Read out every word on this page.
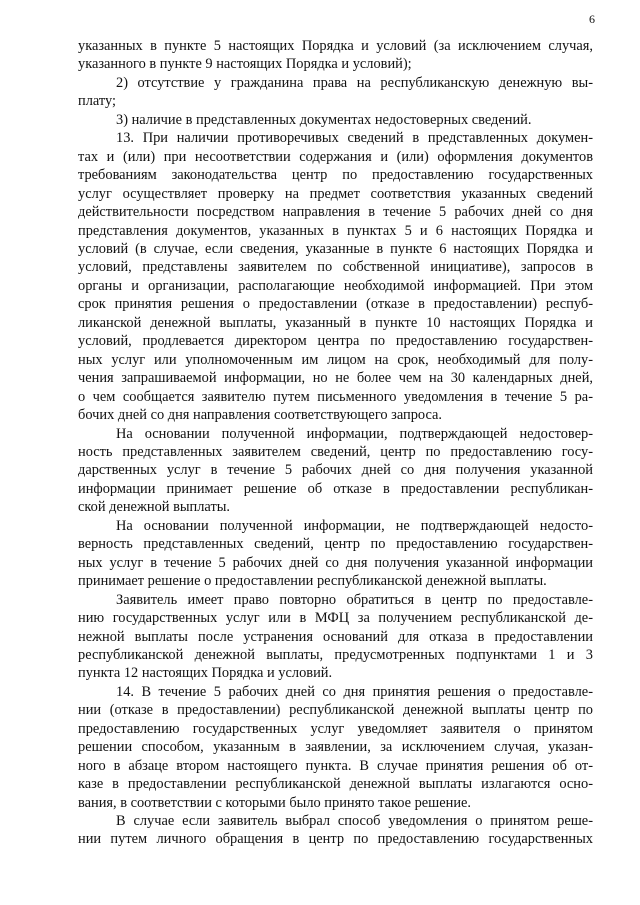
6
указанных в пункте 5 настоящих Порядка и условий (за исключением случая,
указанного в пункте 9 настоящих Порядка и условий);
2) отсутствие у гражданина права на республиканскую денежную вы-
плату;
3) наличие в представленных документах недостоверных сведений.
13. При наличии противоречивых сведений в представленных докумен-
тах и (или) при несоответствии содержания и (или) оформления документов
требованиям законодательства центр по предоставлению государственных
услуг осуществляет проверку на предмет соответствия указанных сведений
действительности посредством направления в течение 5 рабочих дней со дня
представления документов, указанных в пунктах 5 и 6 настоящих Порядка и
условий (в случае, если сведения, указанные в пункте 6 настоящих Порядка и
условий, представлены заявителем по собственной инициативе), запросов в
органы и организации, располагающие необходимой информацией. При этом
срок принятия решения о предоставлении (отказе в предоставлении) респуб-
ликанской денежной выплаты, указанный в пункте 10 настоящих Порядка и
условий, продлевается директором центра по предоставлению государствен-
ных услуг или уполномоченным им лицом на срок, необходимый для полу-
чения запрашиваемой информации, но не более чем на 30 календарных дней,
о чем сообщается заявителю путем письменного уведомления в течение 5 ра-
бочих дней со дня направления соответствующего запроса.
На основании полученной информации, подтверждающей недостовер-
ность представленных заявителем сведений, центр по предоставлению госу-
дарственных услуг в течение 5 рабочих дней со дня получения указанной
информации принимает решение об отказе в предоставлении республикан-
ской денежной выплаты.
На основании полученной информации, не подтверждающей недосто-
верность представленных сведений, центр по предоставлению государствен-
ных услуг в течение 5 рабочих дней со дня получения указанной информации
принимает решение о предоставлении республиканской денежной выплаты.
Заявитель имеет право повторно обратиться в центр по предоставле-
нию государственных услуг или в МФЦ за получением республиканской де-
нежной выплаты после устранения оснований для отказа в предоставлении
республиканской денежной выплаты, предусмотренных подпунктами 1 и 3
пункта 12 настоящих Порядка и условий.
14. В течение 5 рабочих дней со дня принятия решения о предоставле-
нии (отказе в предоставлении) республиканской денежной выплаты центр по
предоставлению государственных услуг уведомляет заявителя о принятом
решении способом, указанным в заявлении, за исключением случая, указан-
ного в абзаце втором настоящего пункта. В случае принятия решения об от-
казе в предоставлении республиканской денежной выплаты излагаются осно-
вания, в соответствии с которыми было принято такое решение.
В случае если заявитель выбрал способ уведомления о принятом реше-
нии путем личного обращения в центр по предоставлению государственных
